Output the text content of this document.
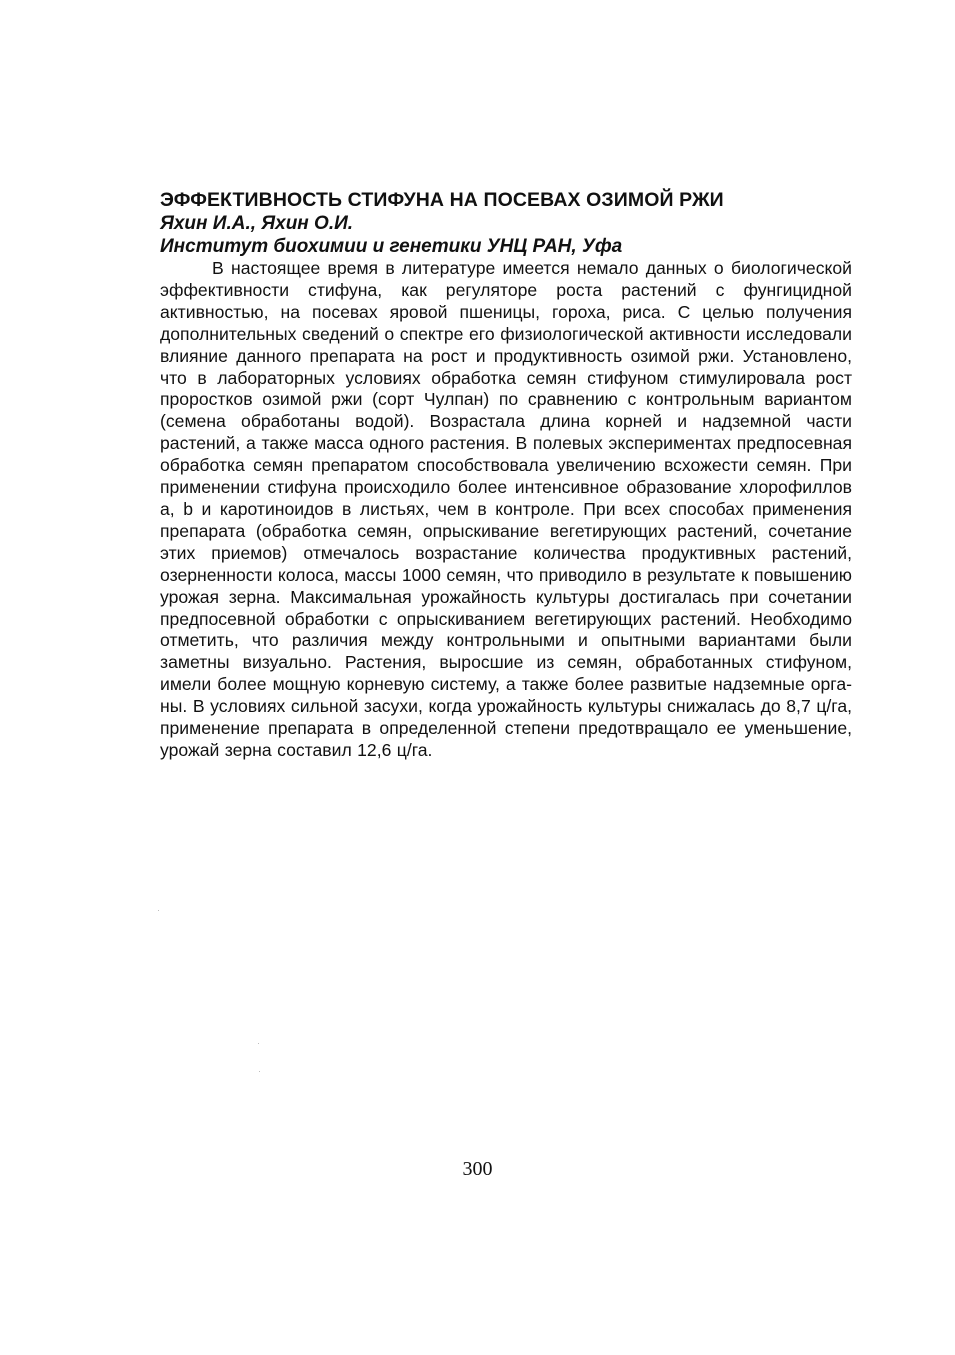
ЭФФЕКТИВНОСТЬ СТИФУНА НА ПОСЕВАХ ОЗИМОЙ РЖИ

Яхин И.А., Яхин О.И.

Институт биохимии и генетики УНЦ РАН, Уфа

В настоящее время в литературе имеется немало данных о биологической эффективности стифуна, как регуляторе роста растений с фунгицидной активностью, на посевах яровой пшеницы, гороха, риса. С целью получения дополнительных сведений о спектре его физиологической активности исследовали влияние данного препарата на рост и продуктивность озимой ржи. Установлено, что в лабораторных условиях обработка семян стифуном стимулировала рост проростков озимой ржи (сорт Чулпан) по сравнению с контрольным вариантом (семена обработаны водой). Возрастала длина корней и надземной части растений, а также масса одного растения. В полевых экспериментах предпосевная обработка семян препаратом способствовала увеличению всхожести семян. При применении стифуна происходило более интенсивное образование хлорофиллов а, b и каротиноидов в листьях, чем в контроле. При всех способах применения препарата (обработка семян, опрыскивание вегетирующих растений, сочетание этих приемов) отмечалось возрастание количества продуктивных растений, озерненности колоса, массы 1000 семян, что приводило в результате к повышению урожая зерна. Максимальная урожайность культуры достигалась при сочетании предпосевной обработки с опрыскиванием вегетирующих растений. Необходимо отметить, что различия между контрольными и опытными вариантами были заметны визуально. Растения, выросшие из семян, обработанных стифуном, имели более мощную корневую систему, а также более развитые надземные органы. В условиях сильной засухи, когда урожайность культуры снижалась до 8,7 ц/га, применение препарата в определенной степени предотвращало ее уменьшение, урожай зерна составил 12,6 ц/га.

300
